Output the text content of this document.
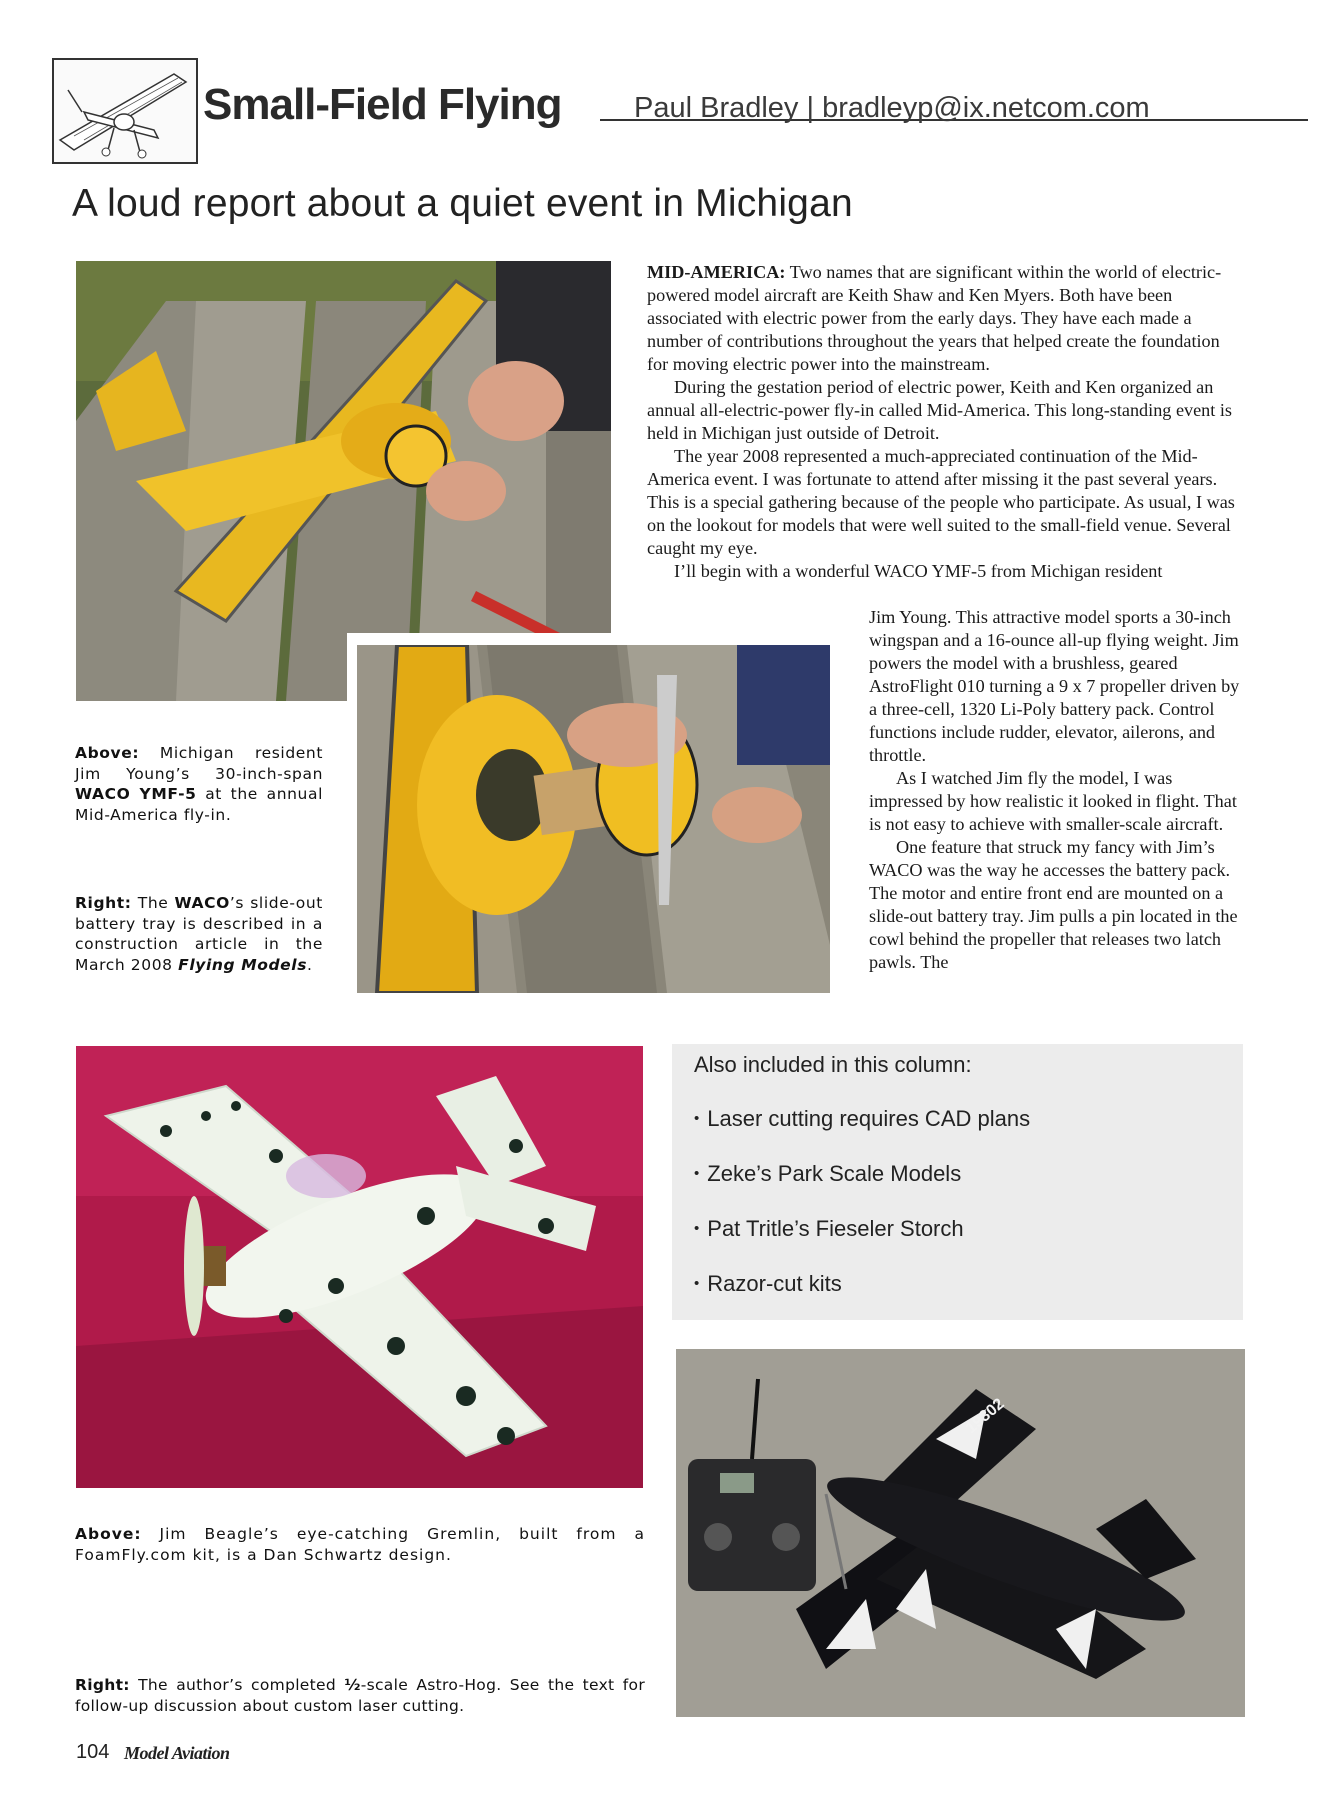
Small-Field Flying	Paul Bradley | bradleyp@ix.netcom.com
A loud report about a quiet event in Michigan

MID-AMERICA: Two names that are significant within the world of electric-powered model aircraft are Keith Shaw and Ken Myers. Both have been associated with electric power from the early days. They have each made a number of contributions throughout the years that helped create the foundation for moving electric power into the mainstream.

During the gestation period of electric power, Keith and Ken organized an annual all-electric-power fly-in called Mid-America. This long-standing event is held in Michigan just outside of Detroit.

The year 2008 represented a much-appreciated continuation of the Mid-America event. I was fortunate to attend after missing it the past several years. This is a special gathering because of the people who participate. As usual, I was on the lookout for models that were well suited to the small-field venue. Several caught my eye.

I’ll begin with a wonderful WACO YMF-5 from Michigan resident

Jim Young. This attractive model sports a 30-inch wingspan and a 16-ounce all-up flying weight. Jim powers the model with a brushless, geared AstroFlight 010 turning a 9 x 7 propeller driven by a three-cell, 1320 Li-Poly battery pack. Control functions include rudder, elevator, ailerons, and throttle.

As I watched Jim fly the model, I was impressed by how realistic it looked in flight. That is not easy to achieve with smaller-scale aircraft.

One feature that struck my fancy with Jim’s WACO was the way he accesses the battery pack. The motor and entire front end are mounted on a slide-out battery tray. Jim pulls a pin located in the cowl behind the propeller that releases two latch pawls. The

Above: Michigan resident Jim Young’s 30-inch-span WACO YMF-5 at the annual Mid-America fly-in.

Right: The WACO’s slide-out battery tray is described in a construction article in the March 2008 Flying Models.

Above: Jim Beagle’s eye-catching Gremlin, built from a FoamFly.com kit, is a Dan Schwartz design.

Also included in this column:
• Laser cutting requires CAD plans
• Zeke’s Park Scale Models
• Pat Tritle’s Fieseler Storch
• Razor-cut kits
19302

Right: The author’s completed ½-scale Astro-Hog. See the text for follow-up discussion about custom laser cutting.

104 Model Aviation
